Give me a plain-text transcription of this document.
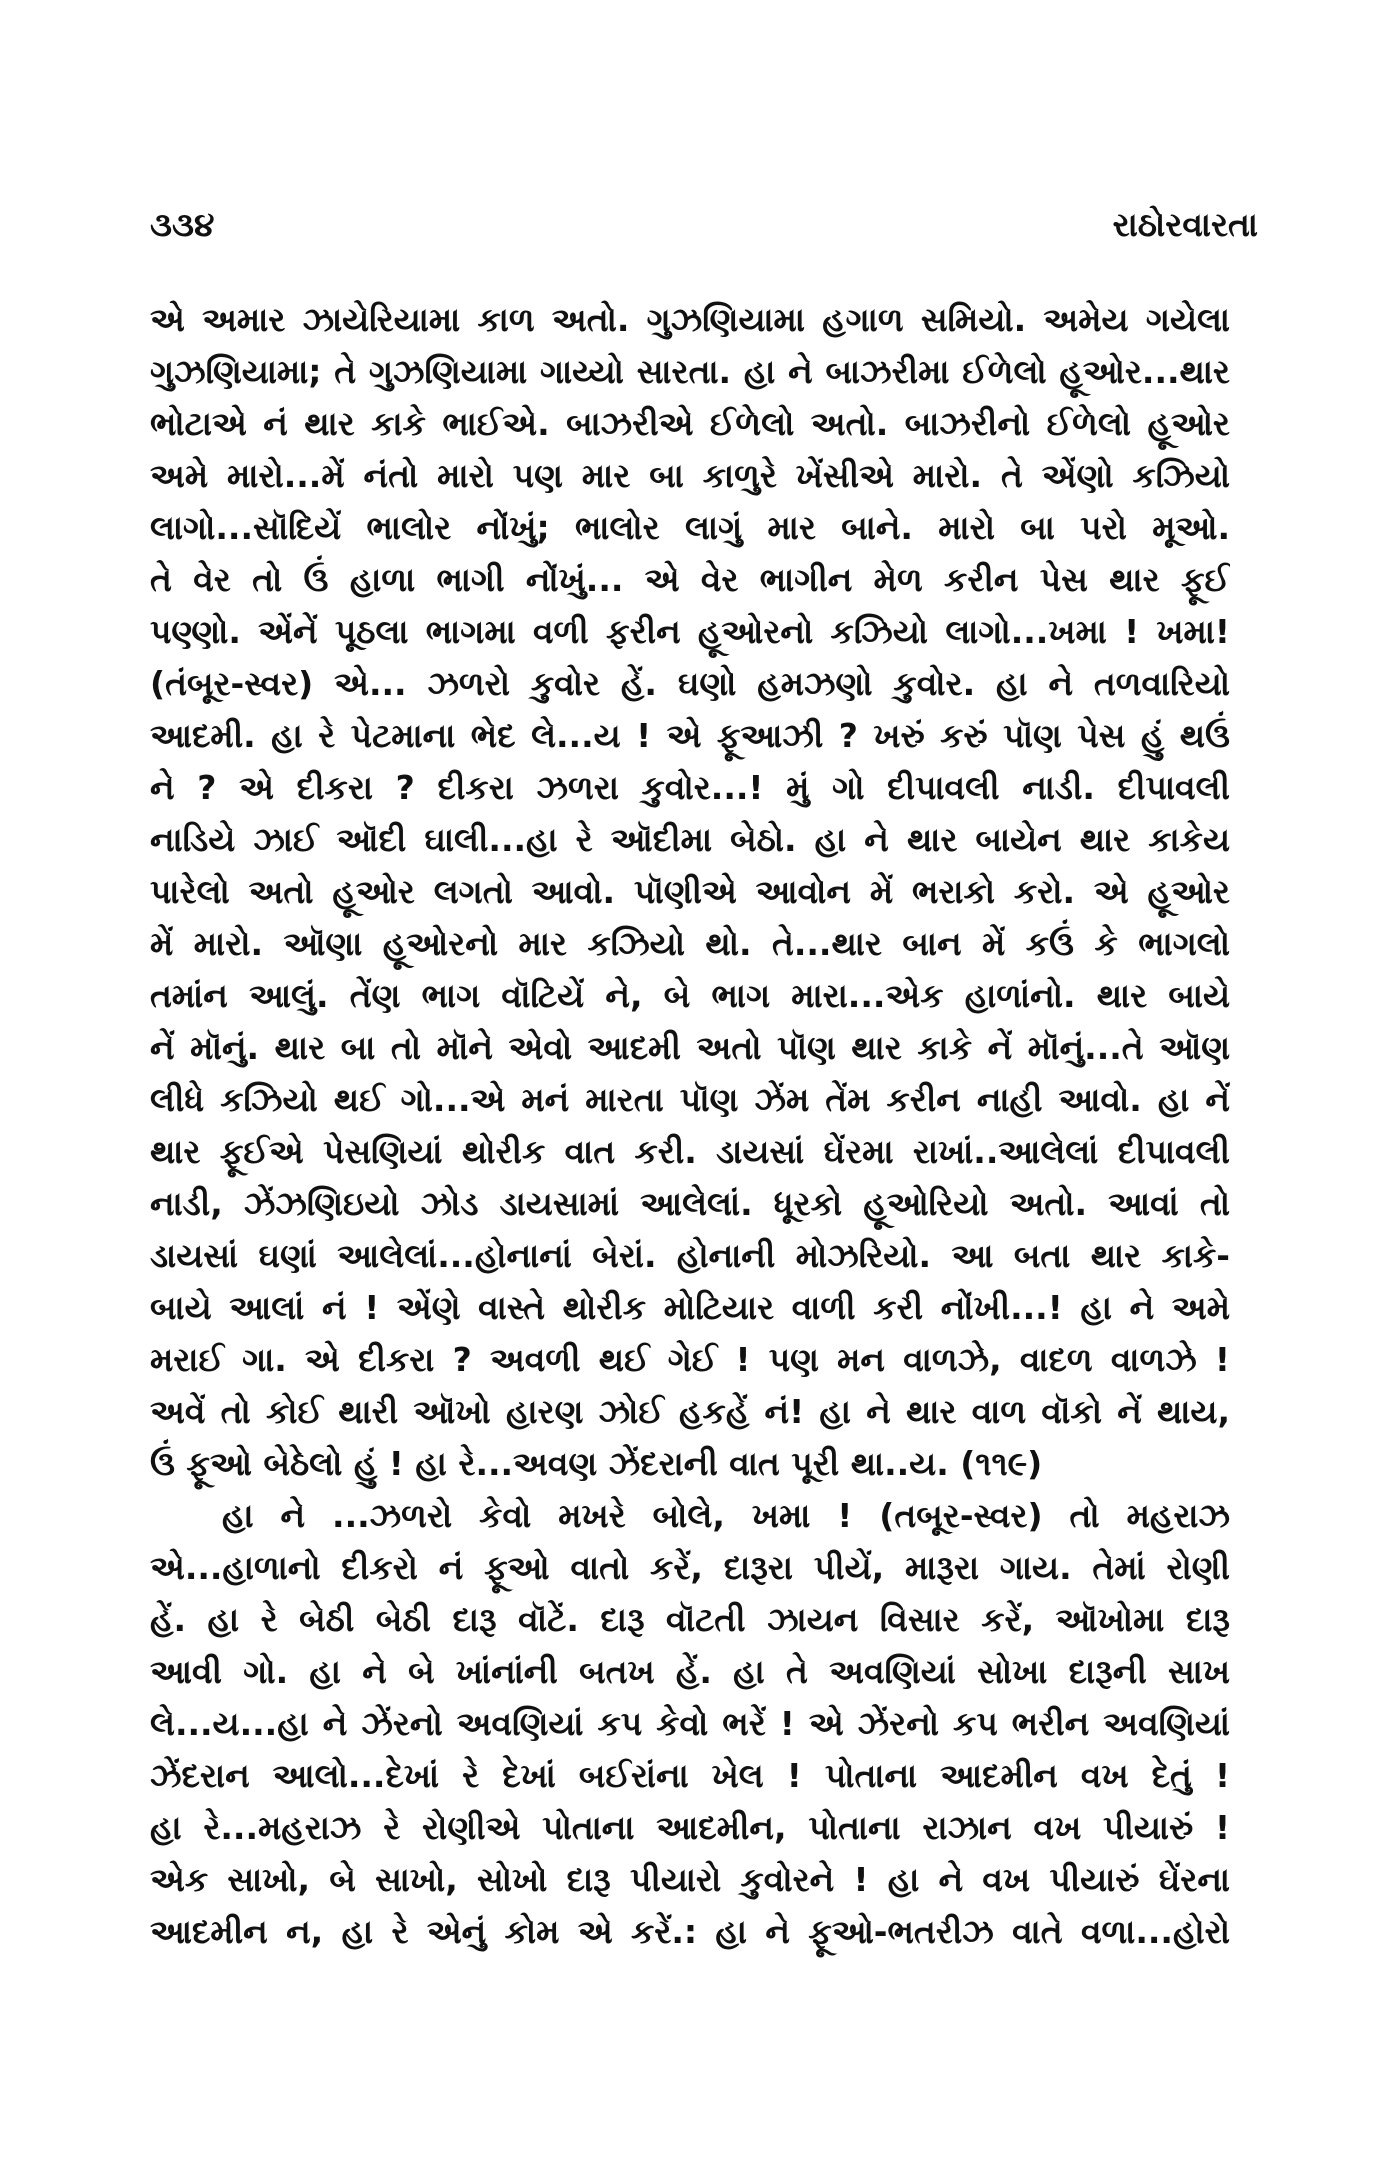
૩૩૪	રાઠોરવારતા
એ અમાર ઝાયેરિયામા કાળ અતો. ગુઝણિયામા હગાળ સમિયો. અમેય ગયેલા
ગુઝણિયામા; તે ગુઝણિયામા ગાય્યો સારતા. હા ને બાઝરીમા ઈળેલો હૂઓર...થાર
ભોટાએ નં થાર કાકે ભાઈએ. બાઝરીએ ઈળેલો અતો. બાઝરીનો ઈળેલો હૂઓર
અમે મારો...મેં નંતો મારો પણ માર બા કાળુરે ખેંસીએ મારો. તે એંણો કઝિયો
લાગો...સૉદિયેં ભાલોર નોંખું; ભાલોર લાગું માર બાને. મારો બા પરો મૂઓ.
તે વેર તો ઉં હાળા ભાગી નોંખું... એ વેર ભાગીન મેળ કરીન પેસ થાર ફૂઈ
પણ્ણો. એંનેં પૂઠલા ભાગમા વળી ફરીન હૂઓરનો કઝિયો લાગો...ખમા ! ખમા!
(તંબૂર-સ્વર) એ... ઝળરો કુવોર હેં. ઘણો હમઝણો કુવોર. હા ને તળવારિયો
આદમી. હા રે પેટમાના ભેદ લે...ય ! એ ફૂઆઝી ? ખરું કરું પૉણ પેસ હું થઉં
ને ? એ દીકરા ? દીકરા ઝળરા કુવોર...! મું ગો દીપાવલી નાડી. દીપાવલી
નાડિયે ઝાઈ ઑદી ઘાલી...હા રે ઑદીમા બેઠો. હા ને થાર બાયેન થાર કાકેય
પારેલો અતો હૂઓર લગતો આવો. પૉણીએ આવોન મેં ભરાકો કરો. એ હૂઓર
મેં મારો. ઑણા હૂઓરનો માર કઝિયો થો. તે...થાર બાન મેં કઉં કે ભાગલો
તમાંન આલું. તેંણ ભાગ વૉટિયેં ને, બે ભાગ મારા...એક હાળાંનો. થાર બાયે
નેં મૉનું. થાર બા તો મૉને એવો આદમી અતો પૉણ થાર કાકે નેં મૉનું...તે ઑણ
લીધે કઝિયો થઈ ગો...એ મનં મારતા પૉણ ઝેંમ તેંમ કરીન નાહી આવો. હા નેં
થાર ફૂઈએ પેસણિયાં થોરીક વાત કરી. ડાયસાં ઘેંરમા રાખાં..આલેલાં દીપાવલી
નાડી, ઝેંઝણિઇયો ઝોડ ડાયસામાં આલેલાં. ધૂરકો હૂઓરિયો અતો. આવાં તો
ડાયસાં ઘણાં આલેલાં...હોનાનાં બેરાં. હોનાની મોઝરિયો. આ બતા થાર કાકે-
બાયે આલાં નં ! એંણે વાસ્તે થોરીક મોટિયાર વાળી કરી નોંખી...! હા ને અમે
મરાઈ ગા. એ દીકરા ? અવળી થઈ ગેઈ ! પણ મન વાળઝે, વાદળ વાળઝે !
અવેં તો કોઈ થારી ઑખો હારણ ઝોઈ હકહેં નં! હા ને થાર વાળ વૉકો નેં થાય,
ઉં ફૂઓ બેઠેલો હું ! હા રે...અવણ ઝેંદરાની વાત પૂરી થા..ય. (૧૧૯)
હા ને ...ઝળરો કેવો મખરે બોલે, ખમા ! (તબૂર-સ્વર) તો મહરાઝ
એ...હાળાનો દીકરો નં ફૂઓ વાતો કરેં, દારૂરા પીયેં, મારૂરા ગાય. તેમાં રોણી
હેં. હા રે બેઠી બેઠી દારૂ વૉટેં. દારૂ વૉટતી ઝાયન વિસાર કરેં, ઑખોમા દારૂ
આવી ગો. હા ને બે ખાંનાંની બતખ હેં. હા તે અવણિયાં સોખા દારૂની સાખ
લે...ય...હા ને ઝેંરનો અવણિયાં કપ કેવો ભરેં ! એ ઝેંરનો કપ ભરીન અવણિયાં
ઝેંદરાન આલો...દેખાં રે દેખાં બઈરાંના ખેલ ! પોતાના આદમીન વખ દેતું !
હા રે...મહરાઝ રે રોણીએ પોતાના આદમીન, પોતાના રાઝાન વખ પીયારું !
એક સાખો, બે સાખો, સોખો દારૂ પીયારો કુવોરને ! હા ને વખ પીયારું ઘેંરના
આદમીન ન, હા રે એનું કોમ એ કરેં.: હા ને ફૂઓ-ભતરીઝ વાતે વળા...હોરો
